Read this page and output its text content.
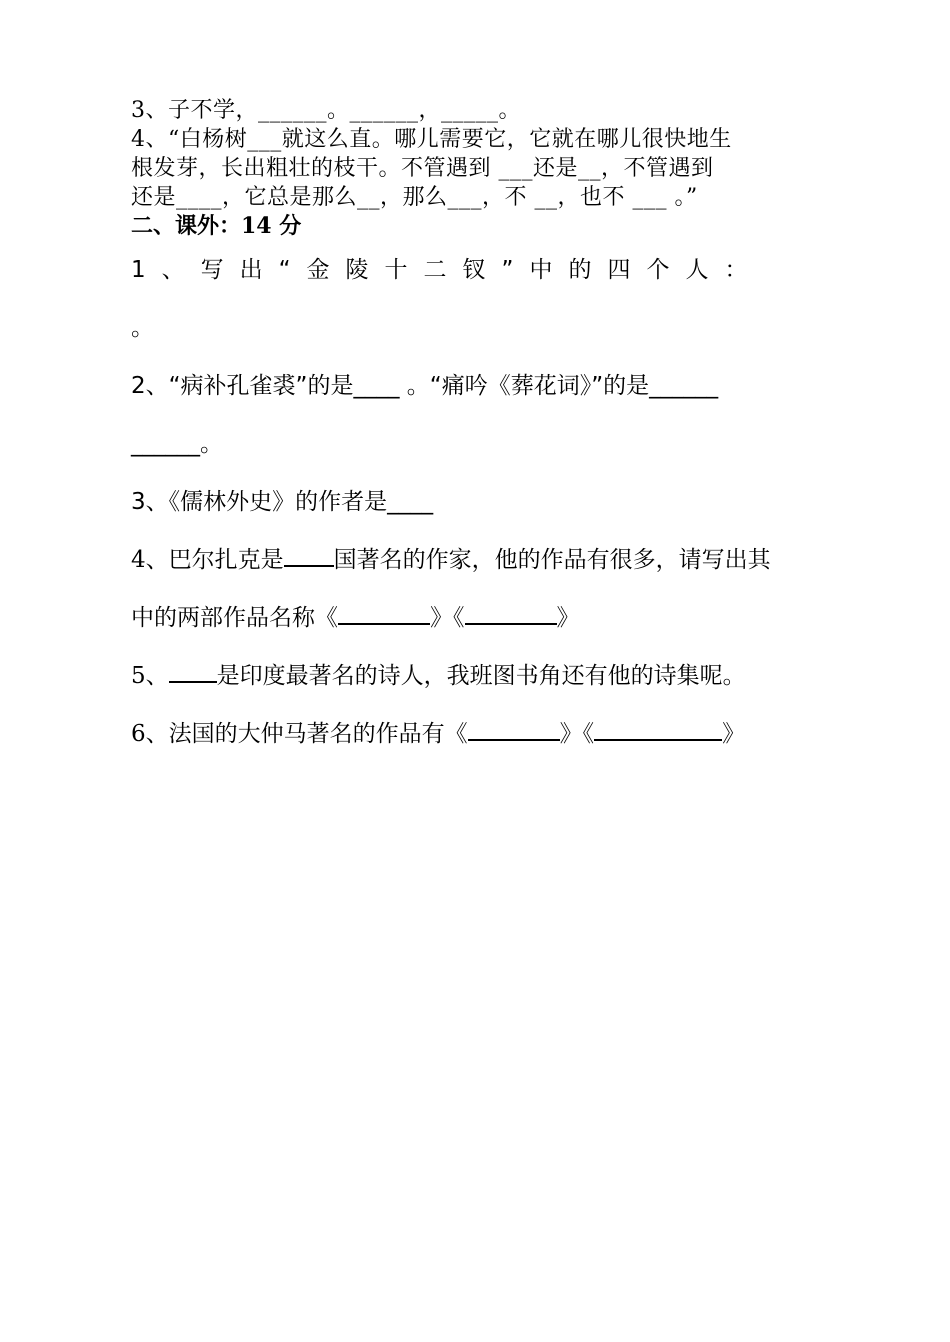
3、子不学，______。______，_____。
4、“白杨树___就这么直。哪儿需要它，它就在哪儿很快地生
根发芽，长出粗壮的枝干。不管遇到 ___还是__，不管遇到
还是____，它总是那么__，那么___，不 __，也不 ___ 。”
二、课外：14 分
1、写出“金陵十二钗”中的四个人：
。
2、“病补孔雀裘”的是____ 。“痛吟《葬花词》”的是______
______。
3、《儒林外史》的作者是____
4、巴尔扎克是 国著名的作家，他的作品有很多，请写出其
中的两部作品名称《	》《	》
5、 是印度最著名的诗人，我班图书角还有他的诗集呢。
6、法国的大仲马著名的作品有《	》《	》
